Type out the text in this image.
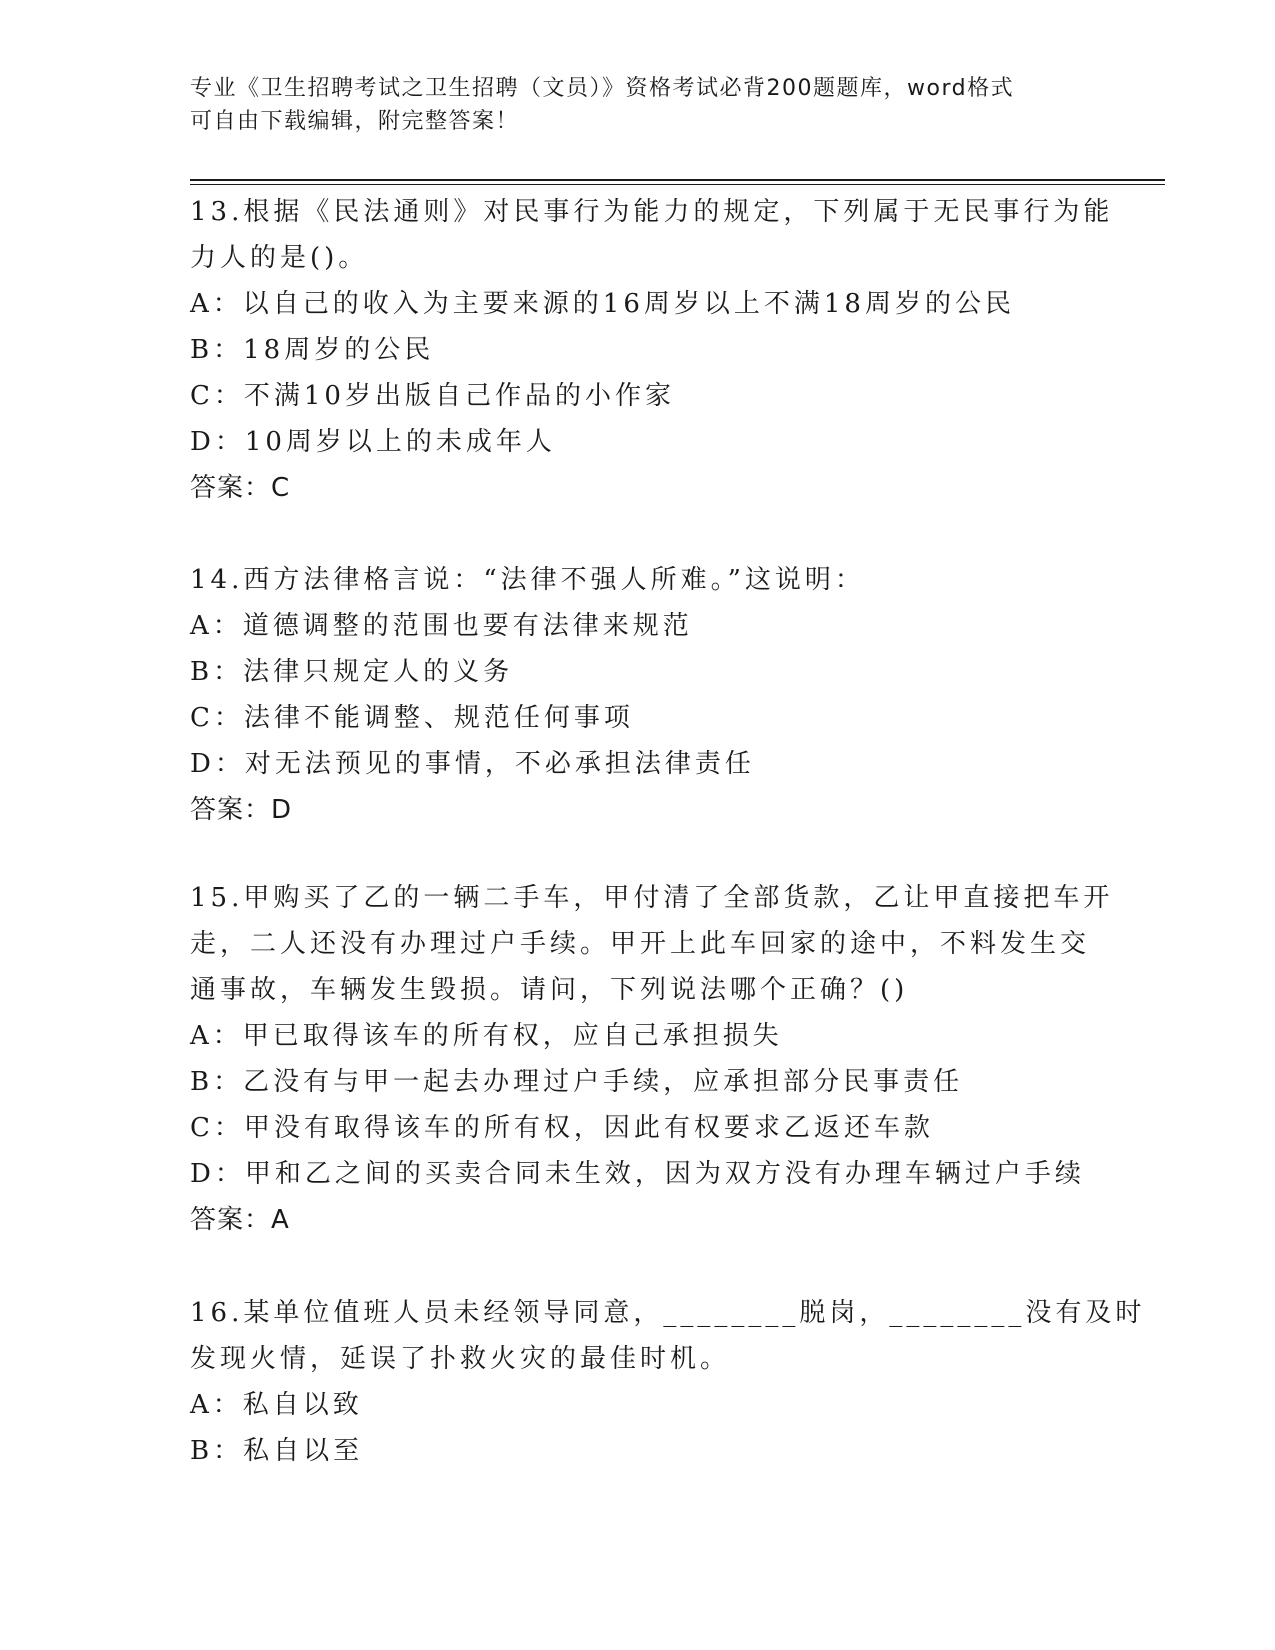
专业《卫生招聘考试之卫生招聘（文员）》资格考试必背200题题库，word格式
可自由下载编辑，附完整答案！
13.根据《民法通则》对民事行为能力的规定，下列属于无民事行为能
力人的是()。
A：以自己的收入为主要来源的16周岁以上不满18周岁的公民
B：18周岁的公民
C：不满10岁出版自己作品的小作家
D：10周岁以上的未成年人
答案：C
14.西方法律格言说：“法律不强人所难。”这说明：
A：道德调整的范围也要有法律来规范
B：法律只规定人的义务
C：法律不能调整、规范任何事项
D：对无法预见的事情，不必承担法律责任
答案：D
15.甲购买了乙的一辆二手车，甲付清了全部货款，乙让甲直接把车开
走，二人还没有办理过户手续。甲开上此车回家的途中，不料发生交
通事故，车辆发生毁损。请问，下列说法哪个正确？()
A：甲已取得该车的所有权，应自己承担损失
B：乙没有与甲一起去办理过户手续，应承担部分民事责任
C：甲没有取得该车的所有权，因此有权要求乙返还车款
D：甲和乙之间的买卖合同未生效，因为双方没有办理车辆过户手续
答案：A
16.某单位值班人员未经领导同意，________脱岗，________没有及时
发现火情，延误了扑救火灾的最佳时机。
A：私自以致
B：私自以至
